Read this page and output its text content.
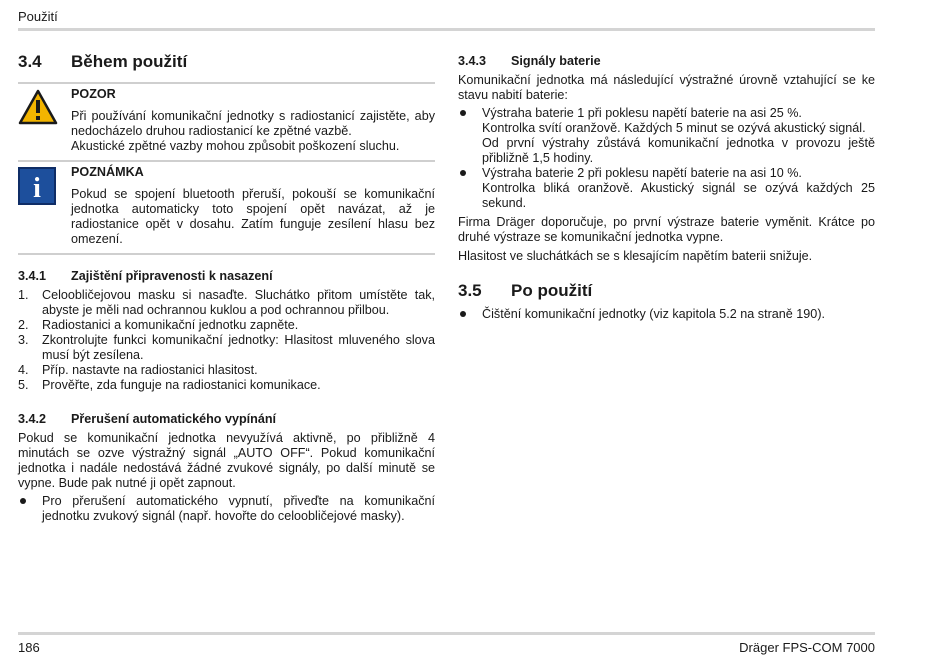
Použití
3.4	Během použití
POZOR
Při používání komunikační jednotky s radiostanicí zajistěte, aby nedocházelo druhou radiostanicí ke zpětné vazbě.
Akustické zpětné vazby mohou způsobit poškození sluchu.
i
POZNÁMKA
Pokud se spojení bluetooth přeruší, pokouší se komunikační jednotka automaticky toto spojení opět navázat, až je radiostanice opět v dosahu. Zatím funguje zesílení hlasu bez omezení.
3.4.1	Zajištění připravenosti k nasazení
1.	Celoobličejovou masku si nasaďte. Sluchátko přitom umístěte tak, abyste je měli nad ochrannou kuklou a pod ochrannou přilbou.
2.	Radiostanici a komunikační jednotku zapněte.
3.	Zkontrolujte funkci komunikační jednotky: Hlasitost mluveného slova musí být zesílena.
4.	Příp. nastavte na radiostanici hlasitost.
5.	Prověřte, zda funguje na radiostanici komunikace.
3.4.2	Přerušení automatického vypínání

Pokud se komunikační jednotka nevyužívá aktivně, po přibližně 4 minutách se ozve výstražný signál „AUTO OFF“. Pokud komunikační jednotka i nadále nedostává žádné zvukové signály, po další minutě se vypne. Bude pak nutné ji opět zapnout.

Pro přerušení automatického vypnutí, přiveďte na komunikační jednotku zvukový signál (např. hovořte do celoobličejové masky).
3.4.3	Signály baterie

Komunikační jednotka má následující výstražné úrovně vztahující se ke stavu nabití baterie:

Výstraha baterie 1 při poklesu napětí baterie na asi 25 %.
Kontrolka svítí oranžově. Každých 5 minut se ozývá akustický signál.
Od první výstrahy zůstává komunikační jednotka v provozu ještě přibližně 1,5 hodiny.
Výstraha baterie 2 při poklesu napětí baterie na asi 10 %.
Kontrolka bliká oranžově. Akustický signál se ozývá každých 25 sekund.

Firma Dräger doporučuje, po první výstraze baterie vyměnit. Krátce po druhé výstraze se komunikační jednotka vypne.

Hlasitost ve sluchátkách se s klesajícím napětím baterii snižuje.

3.5	Po použití
Čištění komunikační jednotky (viz kapitola 5.2 na straně 190).
186	Dräger FPS-COM 7000
